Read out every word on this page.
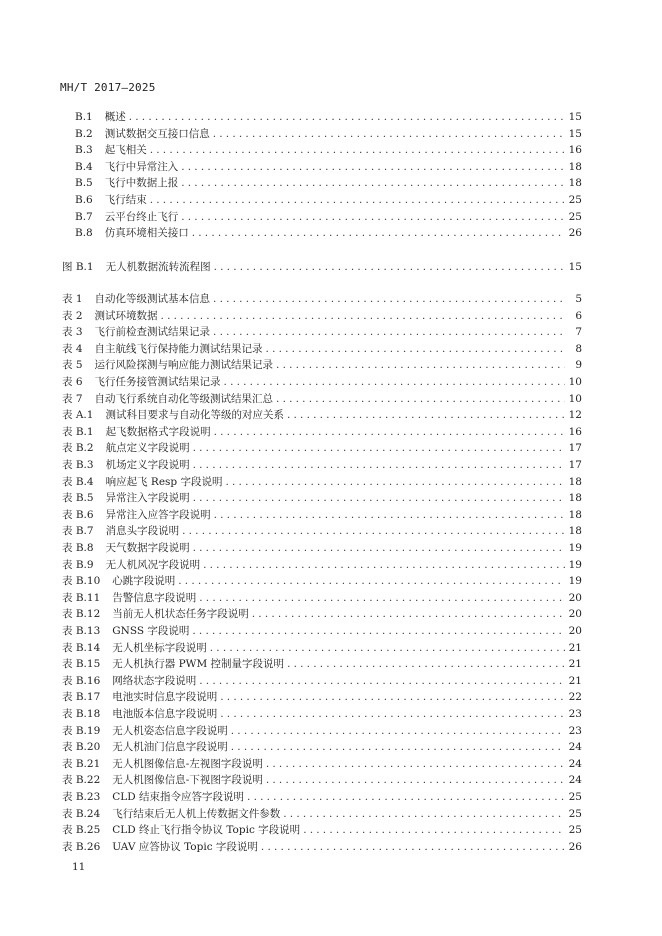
MH/T 2017—2025
B.1 概述 .....	15
B.2 测试数据交互接口信息 .....	15
B.3 起飞相关 .....	16
B.4 飞行中异常注入 .....	18
B.5 飞行中数据上报 .....	18
B.6 飞行结束 .....	25
B.7 云平台终止飞行 .....	25
B.8 仿真环境相关接口 .....	26
图 B.1 无人机数据流转流程图 .....	15
表 1 自动化等级测试基本信息 .....	5
表 2 测试环境数据 .....	6
表 3 飞行前检查测试结果记录 .....	7
表 4 自主航线飞行保持能力测试结果记录 .....	8
表 5 运行风险探测与响应能力测试结果记录 .....	9
表 6 飞行任务接管测试结果记录 .....	10
表 7 自动飞行系统自动化等级测试结果汇总 .....	10
表 A.1 测试科目要求与自动化等级的对应关系 .....	12
表 B.1 起飞数据格式字段说明 .....	16
表 B.2 航点定义字段说明 .....	17
表 B.3 机场定义字段说明 .....	17
表 B.4 响应起飞 Resp 字段说明 .....	18
表 B.5 异常注入字段说明 .....	18
表 B.6 异常注入应答字段说明 .....	18
表 B.7 消息头字段说明 .....	18
表 B.8 天气数据字段说明 .....	19
表 B.9 无人机风况字段说明 .....	19
表 B.10 心跳字段说明 .....	19
表 B.11 告警信息字段说明 .....	20
表 B.12 当前无人机状态任务字段说明 .....	20
表 B.13 GNSS 字段说明 .....	20
表 B.14 无人机坐标字段说明 .....	21
表 B.15 无人机执行器 PWM 控制量字段说明 .....	21
表 B.16 网络状态字段说明 .....	21
表 B.17 电池实时信息字段说明 .....	22
表 B.18 电池版本信息字段说明 .....	23
表 B.19 无人机姿态信息字段说明 .....	23
表 B.20 无人机油门信息字段说明 .....	24
表 B.21 无人机图像信息-左视图字段说明 .....	24
表 B.22 无人机图像信息-下视图字段说明 .....	24
表 B.23 CLD 结束指令应答字段说明 .....	25
表 B.24 飞行结束后无人机上传数据文件参数 .....	25
表 B.25 CLD 终止飞行指令协议 Topic 字段说明 .....	25
表 B.26 UAV 应答协议 Topic 字段说明 .....	26
11
